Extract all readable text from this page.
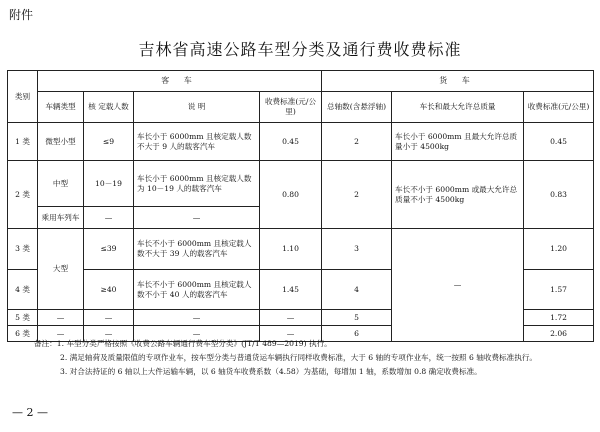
附件
吉林省高速公路车型分类及通行费收费标准
类别	客 车				货 车		
	车辆类型	核 定载人数	说 明	收费标准(元/公里)	总轴数(含悬浮轴)	车长和最大允许总质量	收费标准(元/公里)
1 类	微型小型	≤9	车长小于 6000mm 且核定载人数不大于 9 人的载客汽车	0.45	2	车长小于 6000mm 且最大允许总质量小于 4500kg	0.45
2 类	中型	10－19	车长小于 6000mm 且核定载人数为 10－19 人的载客汽车	0.80	2	车长不小于 6000mm 或最大允许总质量不小于 4500kg	0.83
	乘用车列车	—	—				
3 类	大型	≤39	车长不小于 6000mm 且核定载人数不大于 39 人的载客汽车	1.10	3	—	1.20
4 类		≥40	车长不小于 6000mm 且核定载人数不小于 40 人的载客汽车	1.45	4		1.57
5 类	—	—	—	—	5		1.72
6 类	—	—	—	—	6		2.06
备注：1. 车型分类严格按照《收费公路车辆通行费车型分类》(JT/T 489—2019) 执行。
2. 满足轴荷及质量限值的专项作业车，按车型分类与普通货运车辆执行同样收费标准，大于 6 轴的专项作业车，统一按照 6 轴收费标准执行。
3. 对合法持证的 6 轴以上大件运输车辆，以 6 轴货车收费系数（4.58）为基础，每增加 1 轴，系数增加 0.8 确定收费标准。
— 2 —
